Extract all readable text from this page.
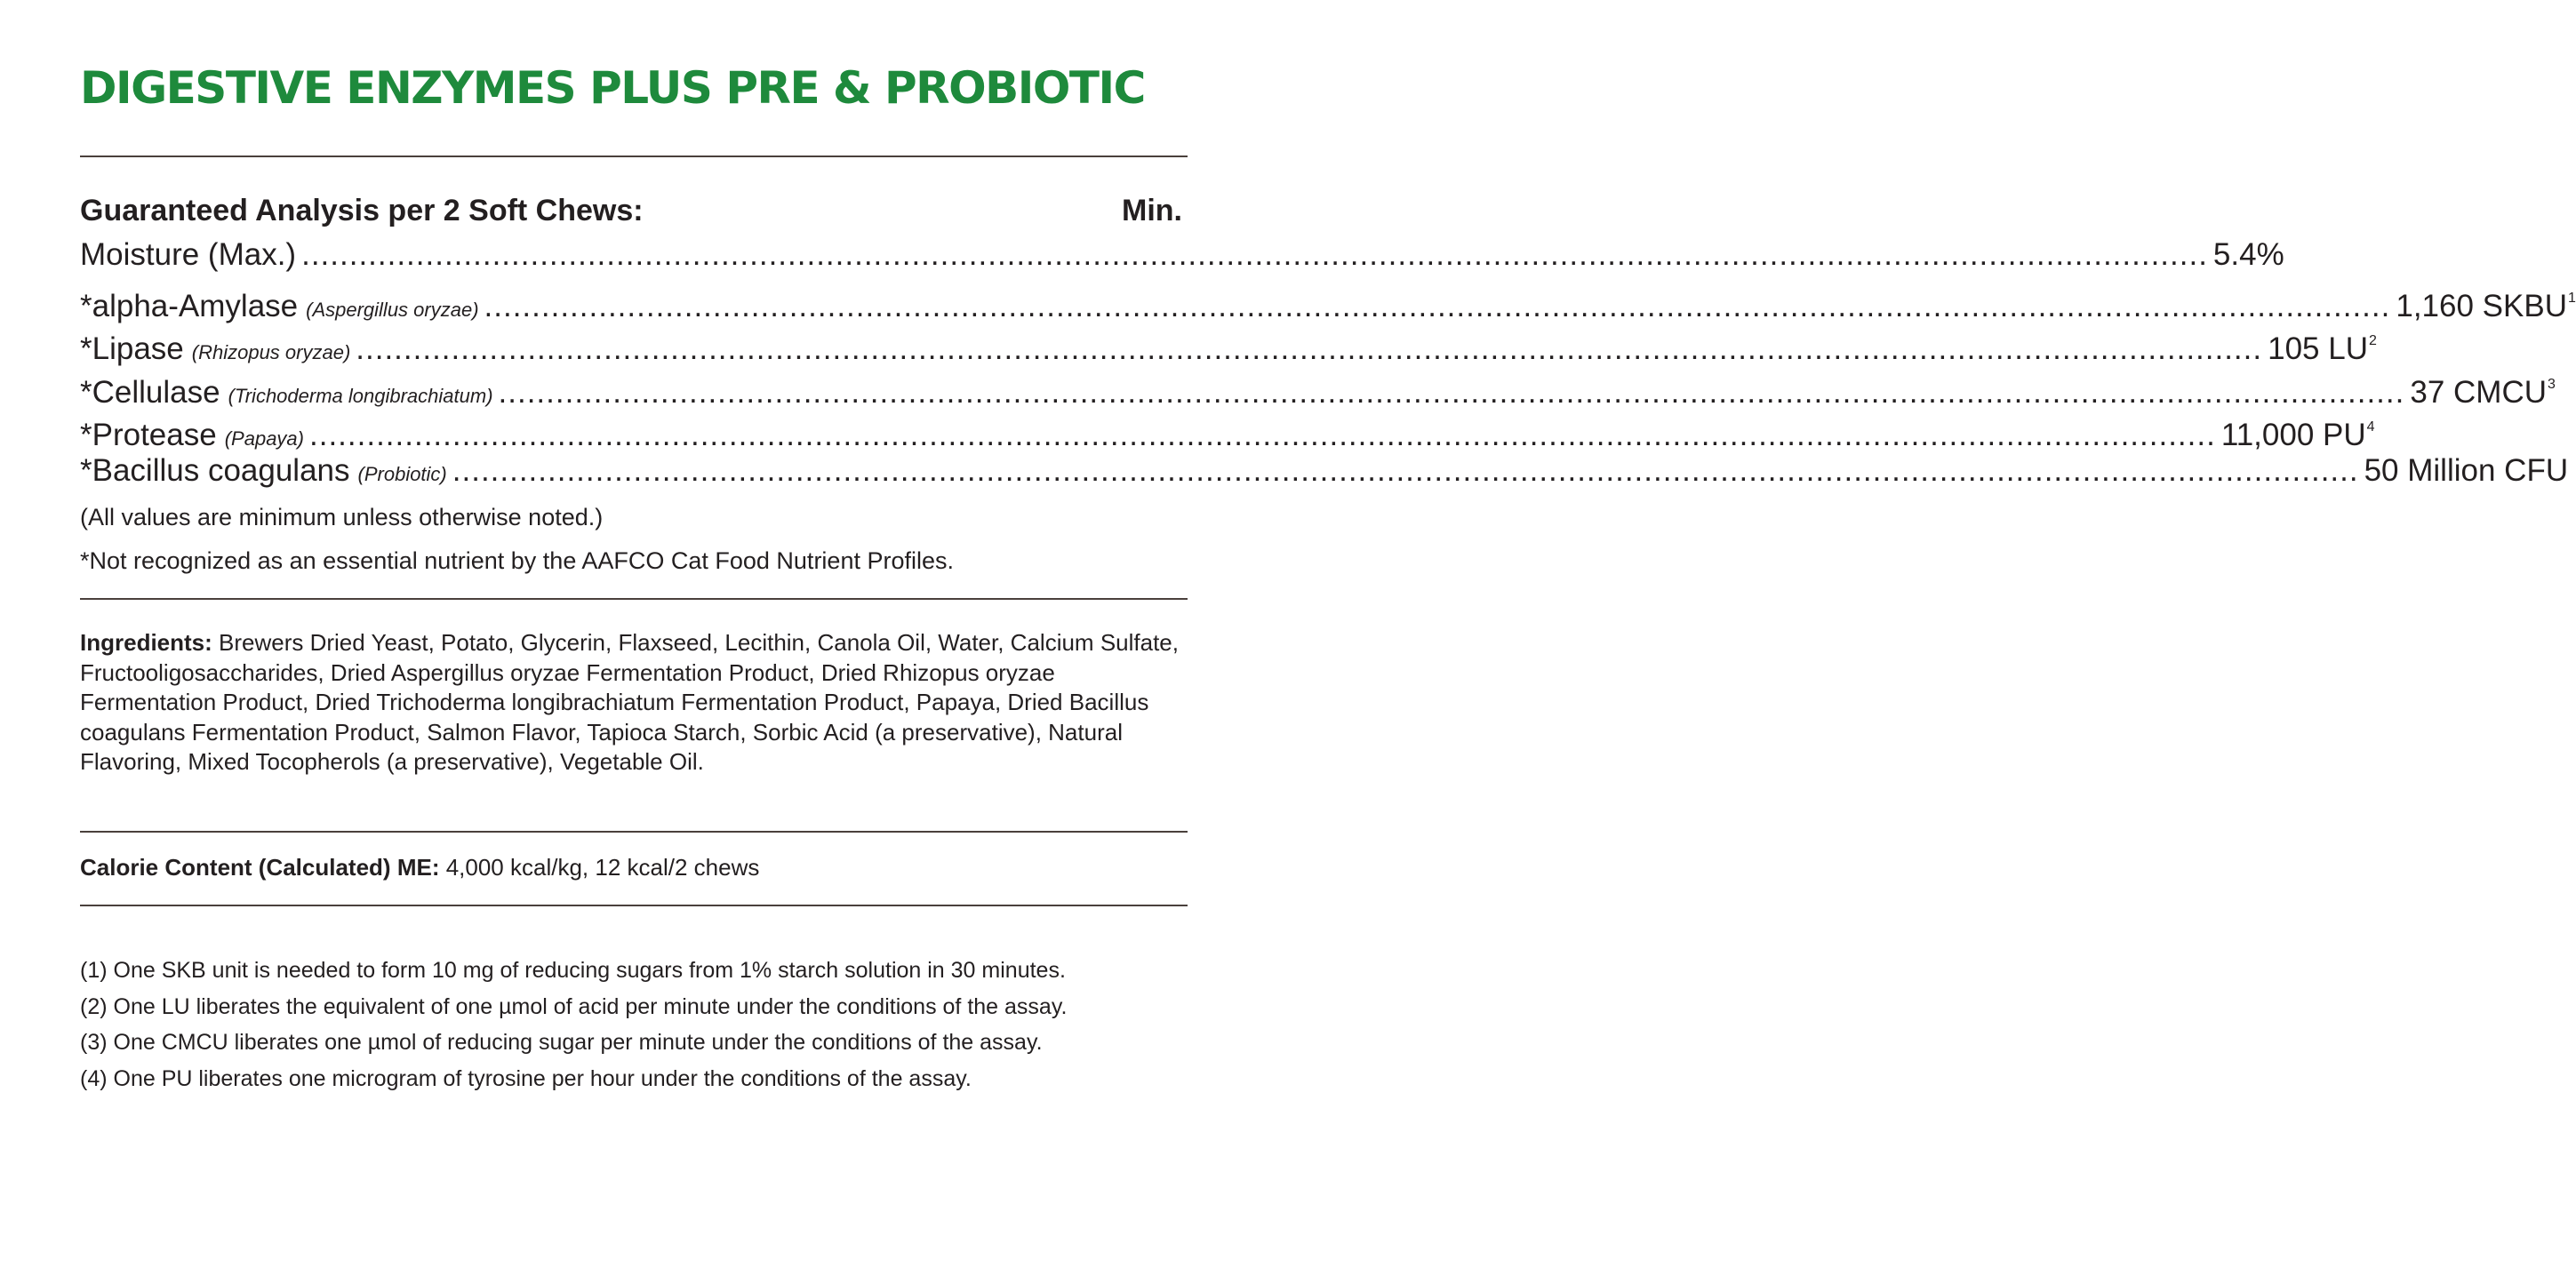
DIGESTIVE ENZYMES PLUS PRE & PROBIOTIC
Guaranteed Analysis per 2 Soft Chews:	Min.
Moisture (Max.) ........................................................................................................................................................................................................ 5.4%
*alpha-Amylase (Aspergillus oryzae) ........................................................................................................................................................................................................ 1,160 SKBU$^1$
*Lipase (Rhizopus oryzae) ........................................................................................................................................................................................................ 105 $LU^2$
*Cellulase (Trichoderma longibrachiatum) ........................................................................................................................................................................................................ 37 CMCU$^3$
*Protease (Papaya) ........................................................................................................................................................................................................ 11,000 $PU^4$
*Bacillus coagulans (Probiotic) ........................................................................................................................................................................................................ 50 Million CFU
(All values are minimum unless otherwise noted.)
*Not recognized as an essential nutrient by the AAFCO Cat Food Nutrient Profiles.
Ingredients: Brewers Dried Yeast, Potato, Glycerin, Flaxseed, Lecithin, Canola Oil, Water, Calcium Sulfate, Fructooligosaccharides, Dried Aspergillus oryzae Fermentation Product, Dried Rhizopus oryzae Fermentation Product, Dried Trichoderma longibrachiatum Fermentation Product, Papaya, Dried Bacillus coagulans Fermentation Product, Salmon Flavor, Tapioca Starch, Sorbic Acid (a preservative), Natural Flavoring, Mixed Tocopherols (a preservative), Vegetable Oil.
Calorie Content (Calculated) ME: 4,000 kcal/kg, 12 kcal/2 chews
(1) One SKB unit is needed to form 10 mg of reducing sugars from 1% starch solution in 30 minutes.
(2) One LU liberates the equivalent of one µmol of acid per minute under the conditions of the assay.
(3) One CMCU liberates one µmol of reducing sugar per minute under the conditions of the assay.
(4) One PU liberates one microgram of tyrosine per hour under the conditions of the assay.
